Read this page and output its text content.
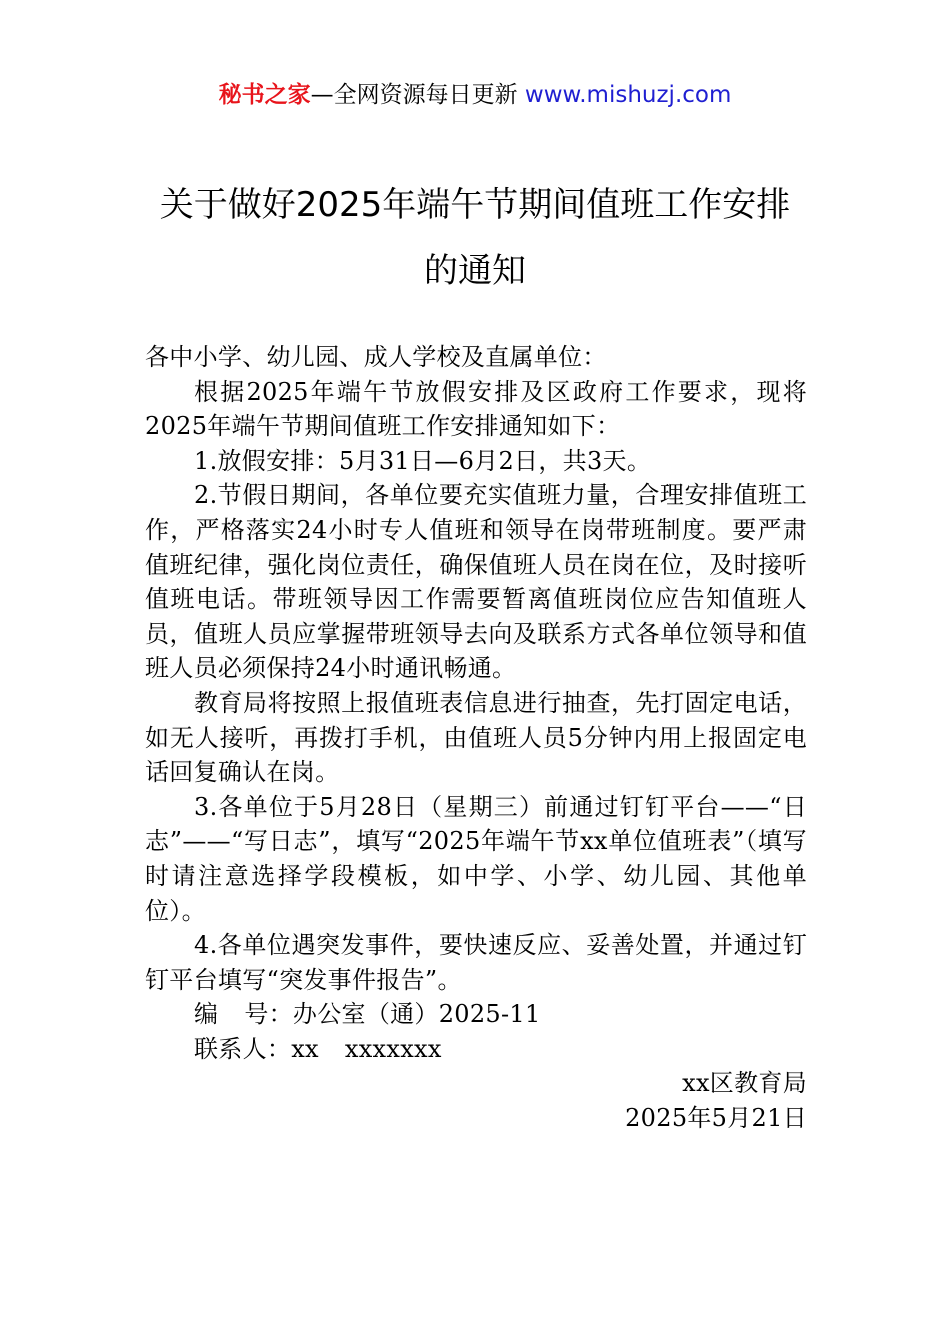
秘书之家—全网资源每日更新 www.mishuzj.com
关于做好2025年端午节期间值班工作安排
的通知

各中小学、幼儿园、成人学校及直属单位：

根据2025年端午节放假安排及区政府工作要求，现将2025年端午节期间值班工作安排通知如下：

1.放假安排：5月31日—6月2日，共3天。

2.节假日期间，各单位要充实值班力量，合理安排值班工作，严格落实24小时专人值班和领导在岗带班制度。要严肃值班纪律，强化岗位责任，确保值班人员在岗在位，及时接听值班电话。带班领导因工作需要暂离值班岗位应告知值班人员，值班人员应掌握带班领导去向及联系方式各单位领导和值班人员必须保持24小时通讯畅通。

教育局将按照上报值班表信息进行抽查，先打固定电话，如无人接听，再拨打手机，由值班人员5分钟内用上报固定电话回复确认在岗。

3.各单位于5月28日（星期三）前通过钉钉平台——“日志”——“写日志”，填写“2025年端午节xx单位值班表”（填写时请注意选择学段模板，如中学、小学、幼儿园、其他单位）。

4.各单位遇突发事件，要快速反应、妥善处置，并通过钉钉平台填写“突发事件报告”。

编 号：办公室（通）2025-11

联系人：xx xxxxxxx

xx区教育局

2025年5月21日
